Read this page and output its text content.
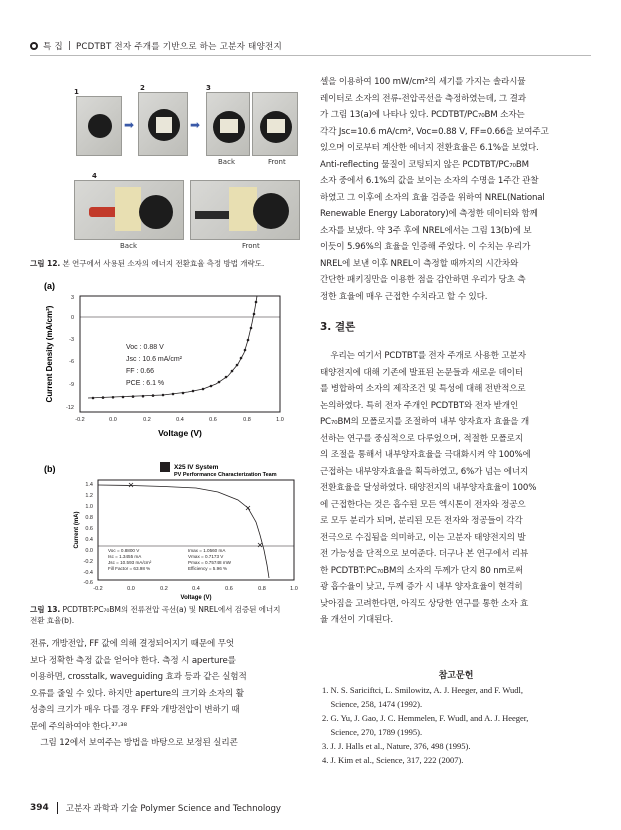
특 집 | PCDTBT 전자 주개를 기반으로 하는 고분자 태양전지
1	2	3
➡	➡
Back	Front
4
Back	Front
그림 12. 본 연구에서 사용된 소자의 에너지 전환효율 측정 방법 개략도.
(a)
3
0
-3
-6
-9
-12
-0.2	0.0	0.2	0.4	0.6	0.8	1.0
Voc : 0.88 V
Jsc : 10.6 mA/cm²
FF : 0.66
PCE : 6.1 %
Voltage (V)
Current Density (mA/cm²)
(b)	X25 IV System
PV Performance Characterization Team
1.4
1.2
1.0
0.8
0.6
0.4
0.0
-0.2
-0.4
-0.6
-0.2	0.0	0.2	0.4	0.6	0.8	1.0
Voc = 0.8800 V
Isc = 1.3455 mA
Jsc = 10.593 mA/cm²
Fill Factor = 63.98 %
Imax = 1.0560 mA
Vmax = 0.7173 V
Pmax = 0.75748 mW
Efficiency = 5.96 %
Voltage (V)
Current (mA)
그림 13. PCDTBT:PC₇₀BM의 전류전압 곡선(a) 및 NREL에서 검증된 에너지
전환 효율(b).
전류, 개방전압, FF 값에 의해 결정되어지기 때문에 무엇
보다 정확한 측정 값을 얻어야 한다. 측정 시 aperture를
이용하면, crosstalk, waveguiding 효과 등과 같은 실험적
오류를 줄일 수 있다. 하지만 aperture의 크기와 소자의 활
성층의 크기가 매우 다를 경우 FF와 개방전압이 변하기 때
문에 주의하여야 한다.³⁷·³⁸
그림 12에서 보여주는 방법을 바탕으로 보정된 실리콘
셀을 이용하여 100 mW/cm²의 세기를 가지는 솔라시뮬
레이터로 소자의 전류-전압곡선을 측정하였는데, 그 결과
가 그림 13(a)에 나타나 있다. PCDTBT/PC₇₀BM 소자는
각각 Jsc=10.6 mA/cm², Voc=0.88 V, FF=0.66을 보여주고
있으며 이로부터 계산한 에너지 전환효율은 6.1%을 보였다.
Anti-reflecting 물질이 코팅되지 않은 PCDTBT/PC₇₀BM
소자 중에서 6.1%의 값을 보이는 소자의 수명을 1주간 관찰
하였고 그 이후에 소자의 효율 검증을 위하여 NREL(National
Renewable Energy Laboratory)에 측정한 데이터와 함께
소자를 보냈다. 약 3주 후에 NREL에서는 그림 13(b)에 보
이듯이 5.96%의 효율을 인증해 주었다. 이 수치는 우리가
NREL에 보낸 이후 NREL이 측정할 때까지의 시간차와
간단한 패키징만을 이용한 점을 감안하면 우리가 당초 측
정한 효율에 매우 근접한 수치라고 할 수 있다.
3. 결론
우리는 여기서 PCDTBT를 전자 주개로 사용한 고분자
태양전지에 대해 기존에 발표된 논문들과 새로운 데이터
를 병합하여 소자의 제작조건 및 특성에 대해 전반적으로
논의하였다. 특히 전자 주개인 PCDTBT와 전자 받개인
PC₇₀BM의 모폴로지를 조절하여 내부 양자효자 효율을 개
선하는 연구를 중심적으로 다루었으며, 적절한 모폴로지
의 조절을 통해서 내부양자효율을 극대화시켜 약 100%에
근접하는 내부양자효율을 획득하였고, 6%가 넘는 에너지
전환효율을 달성하였다. 태양전지의 내부양자효율이 100%
에 근접한다는 것은 흡수된 모든 엑시톤이 전자와 정공으
로 모두 분리가 되며, 분리된 모든 전자와 정공들이 각각
전극으로 수집됨을 의미하고, 이는 고분자 태양전지의 발
전 가능성을 단적으로 보여준다. 더구나 본 연구에서 리뷰
한 PCDTBT:PC₇₀BM의 소자의 두께가 단지 80 nm로써
광 흡수율이 낮고, 두께 증가 시 내부 양자효율이 현격히
낮아짐을 고려한다면, 아직도 상당한 연구를 통한 소자 효
율 개선이 기대된다.
참고문헌
1. N. S. Sariciftci, L. Smilowitz, A. J. Heeger, and F. Wudl,
Science, 258, 1474 (1992).
2. G. Yu, J. Gao, J. C. Hemmelen, F. Wudl, and A. J. Heeger,
Science, 270, 1789 (1995).
3. J. J. Halls et al., Nature, 376, 498 (1995).
4. J. Kim et al., Science, 317, 222 (2007).
394 고분자 과학과 기술 Polymer Science and Technology
